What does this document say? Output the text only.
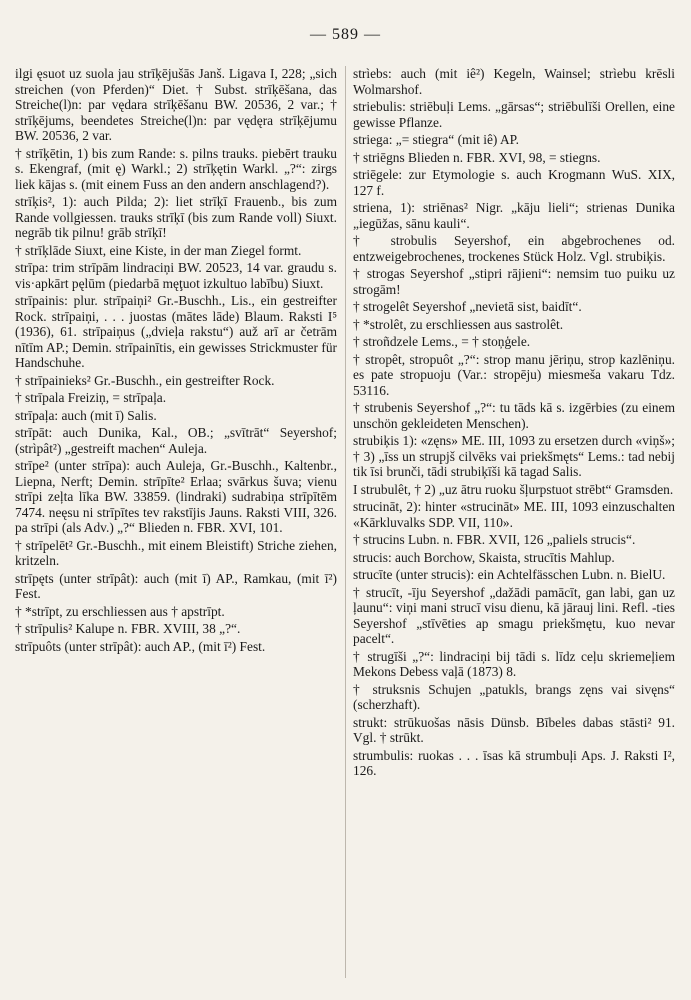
— 589 —
ilgi ęsuot uz suola jau strīķējušās Janš. Ligava I, 228; „sich streichen (von Pferden)“ Diet. † Subst. strīķēšana, das Streiche(l)n: par vędara strīķēšanu BW. 20536, 2 var.; † strīķējums, beendetes Streiche(l)n: par vędęra strīķējumu BW. 20536, 2 var.
† strīķētin, 1) bis zum Rande: s. pilns trauks. piebērt trauku s. Ekengraf, (mit ę) Warkl.; 2) strīķętin Warkl. „?“: zirgs liek kājas s. (mit einem Fuss an den andern anschlagend?).
strīķis², 1): auch Pilda; 2): liet strīķī Frauenb., bis zum Rande vollgiessen. trauks strīķī (bis zum Rande voll) Siuxt. negrāb tik pilnu! grāb strīķī!
† strīķlāde Siuxt, eine Kiste, in der man Ziegel formt.
strīpa: trim strīpām lindraciņi BW. 20523, 14 var. graudu s. vis·apkārt pęlūm (piedarbā męţuot izkultuo labību) Siuxt.
strīpainis: plur. strīpaiņi² Gr.-Buschh., Lis., ein gestreifter Rock. strīpaiņi, . . . juostas (mātes lāde) Blaum. Raksti I⁵ (1936), 61. strīpaiņus („dvieļa rakstu“) auž arī ar četrām nītīm AP.; Demin. strīpainītis, ein gewisses Strickmuster für Handschuhe.
† strīpainieks² Gr.-Buschh., ein gestreifter Rock.
† strīpala Freiziņ, = strīpaļa.
strīpaļa: auch (mit ī) Salis.
strīpāt: auch Dunika, Kal., OB.; „svītrāt“ Seyershof; (strìpât²) „gestreift machen“ Auleja.
strīpe² (unter strīpa): auch Auleja, Gr.-Buschh., Kaltenbr., Liepna, Nerft; Demin. strīpīte² Erlaa; svārkus šuva; vienu strīpi zeļta līka BW. 33859. (lindraki) sudrabiņa strīpītēm 7474. neęsu ni strīpītes tev rakstījis Jauns. Raksti VIII, 326. pa strīpi (als Adv.) „?“ Blieden n. FBR. XVI, 101.
† strīpelēt² Gr.-Buschh., mit einem Bleistift) Striche ziehen, kritzeln.
strīpęts (unter strīpât): auch (mit ī) AP., Ramkau, (mit ī²) Fest.
† *strīpt, zu erschliessen aus † apstrīpt.
† strīpulis² Kalupe n. FBR. XVIII, 38 „?“.
strīpuôts (unter strīpât): auch AP., (mit ī²) Fest.
strìebs: auch (mit iê²) Kegeln, Wainsel; strìebu krēsli Wolmarshof.
striebulis: striēbuļi Lems. „gārsas“; striēbulīši Orellen, eine gewisse Pflanze.
striega: „= stiegra“ (mit iê) AP.
† striēgns Blieden n. FBR. XVI, 98, = stiegns.
striēgele: zur Etymologie s. auch Krogmann WuS. XIX, 127 f.
striena, 1): striēnas² Nigr. „kāju lieli“; strienas Dunika „iegūžas, sānu kauli“.
† strobulis Seyershof, ein abgebrochenes od. entzweigebrochenes, trockenes Stück Holz. Vgl. strubiķis.
† strogas Seyershof „stipri rājieni“: nemsim tuo puiku uz strogām!
† strogelêt Seyershof „nevietā sist, baidīt“.
† *strolêt, zu erschliessen aus sastrolêt.
† stroñdzele Lems., = † stoņģele.
† stropêt, stropuôt „?“: strop manu jēriņu, strop kazlēniņu. es pate stropuoju (Var.: stropēju) miesmeša vakaru Tdz. 53116.
† strubenis Seyershof „?“: tu tāds kā s. izgērbies (zu einem unschön gekleideten Menschen).
strubiķis 1): «zęns» ME. III, 1093 zu ersetzen durch «viņš»; † 3) „īss un strupjš cilvēks vai priekšmęts“ Lems.: tad nebij tik īsi brunči, tādi strubiķīši kā tagad Salis.
I strubulêt, † 2) „uz ātru ruoku šļurpstuot strēbt“ Gramsden.
strucināt, 2): hinter «strucināt» ME. III, 1093 einzuschalten «Kārkluvalks SDP. VII, 110».
† strucins Lubn. n. FBR. XVII, 126 „paliels strucis“.
strucis: auch Borchow, Skaista, strucītis Mahlup.
strucīte (unter strucis): ein Achtelfässchen Lubn. n. BielU.
† strucīt, -īju Seyershof „dažādi pamācīt, gan labi, gan uz ļaunu“: viņi mani strucī visu dienu, kā jārauj lini. Refl. -ties Seyershof „stīvēties ap smagu priekšmętu, kuo nevar pacelt“.
† strugīši „?“: lindraciņi bij tādi s. līdz ceļu skriemeļiem Mekons Debess vaļā (1873) 8.
† struksnis Schujen „patukls, brangs zęns vai sivęns“ (scherzhaft).
strukt: strūkuošas nāsis Dünsb. Bībeles dabas stāsti² 91. Vgl. † strūkt.
strumbulis: ruokas . . . īsas kā strumbuļi Aps. J. Raksti I², 126.
